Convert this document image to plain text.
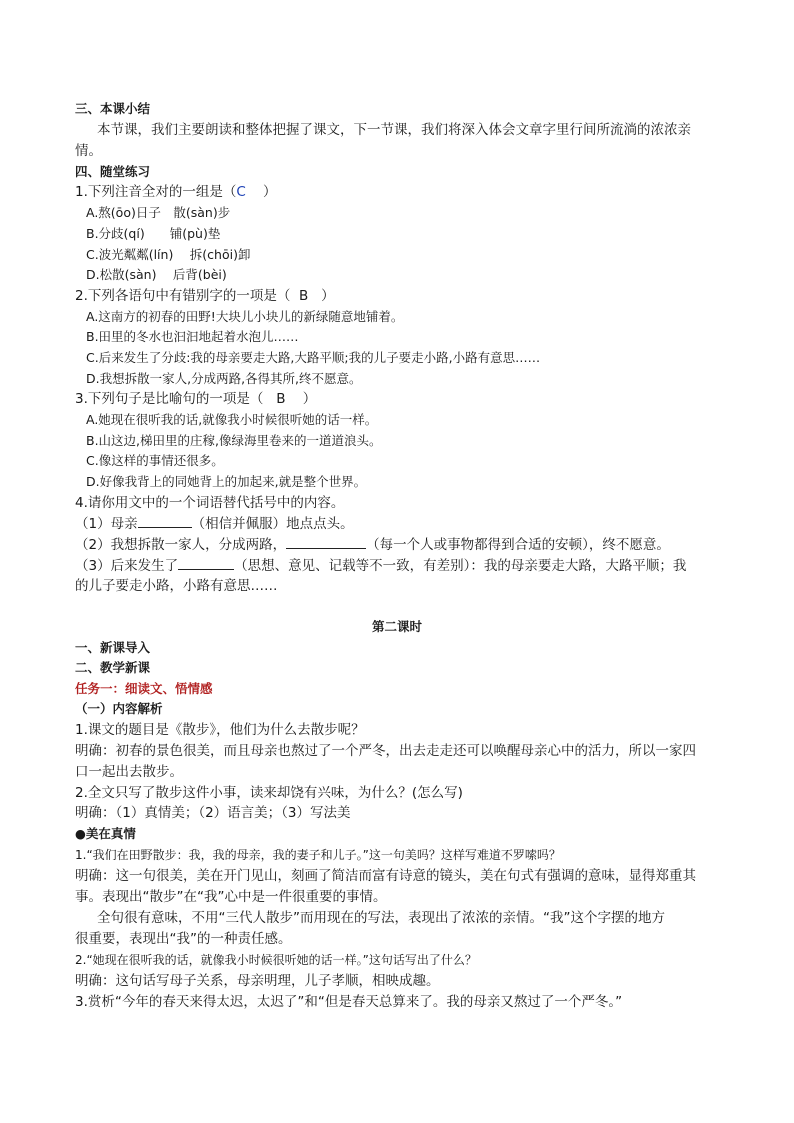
三、本课小结
本节课，我们主要朗读和整体把握了课文，下一节课，我们将深入体会文章字里行间所流淌的浓浓亲
情。
四、随堂练习
1.下列注音全对的一组是（C ）
A.熬(ōo)日子　散(sàn)步
B.分歧(qí)　　铺(pù)垫
C.波光粼粼(lín)　 拆(chōi)卸
D.松散(sàn)　 后背(bèi)
2.下列各语句中有错别字的一项是（ B ）
A.这南方的初春的田野!大块儿小块儿的新绿随意地铺着。
B.田里的冬水也汩汩地起着水泡儿……
C.后来发生了分歧:我的母亲要走大路,大路平顺;我的儿子要走小路,小路有意思……
D.我想拆散一家人,分成两路,各得其所,终不愿意。
3.下列句子是比喻句的一项是（ B ）
A.她现在很听我的话,就像我小时候很听她的话一样。
B.山这边,梯田里的庄稼,像绿海里卷来的一道道浪头。
C.像这样的事情还很多。
D.好像我背上的同她背上的加起来,就是整个世界。
4.请你用文中的一个词语替代括号中的内容。
（1）母亲	（相信并佩服）地点点头。
（2）我想拆散一家人，分成两路，	（每一个人或事物都得到合适的安顿），终不愿意。
（3）后来发生了	（思想、意见、记载等不一致，有差别）：我的母亲要走大路，大路平顺；我
的儿子要走小路，小路有意思……
第二课时
一、新课导入
二、教学新课
任务一：细读文、悟情感
（一）内容解析
1.课文的题目是《散步》，他们为什么去散步呢？
明确：初春的景色很美，而且母亲也熬过了一个严冬，出去走走还可以唤醒母亲心中的活力，所以一家四
口一起出去散步。
2.全文只写了散步这件小事，读来却饶有兴味，为什么？(怎么写)
明确：（1）真情美；（2）语言美；（3）写法美
●美在真情
1.“我们在田野散步：我，我的母亲，我的妻子和儿子。”这一句美吗？这样写难道不罗嗦吗？
明确：这一句很美，美在开门见山，刻画了简洁而富有诗意的镜头，美在句式有强调的意味，显得郑重其
事。表现出“散步”在“我”心中是一件很重要的事情。
全句很有意味，不用“三代人散步”而用现在的写法，表现出了浓浓的亲情。“我”这个字摆的地方
很重要，表现出“我”的一种责任感。
2.“她现在很听我的话，就像我小时候很听她的话一样。”这句话写出了什么？
明确：这句话写母子关系，母亲明理，儿子孝顺，相映成趣。
3.赏析“今年的春天来得太迟，太迟了”和“但是春天总算来了。我的母亲又熬过了一个严冬。”
